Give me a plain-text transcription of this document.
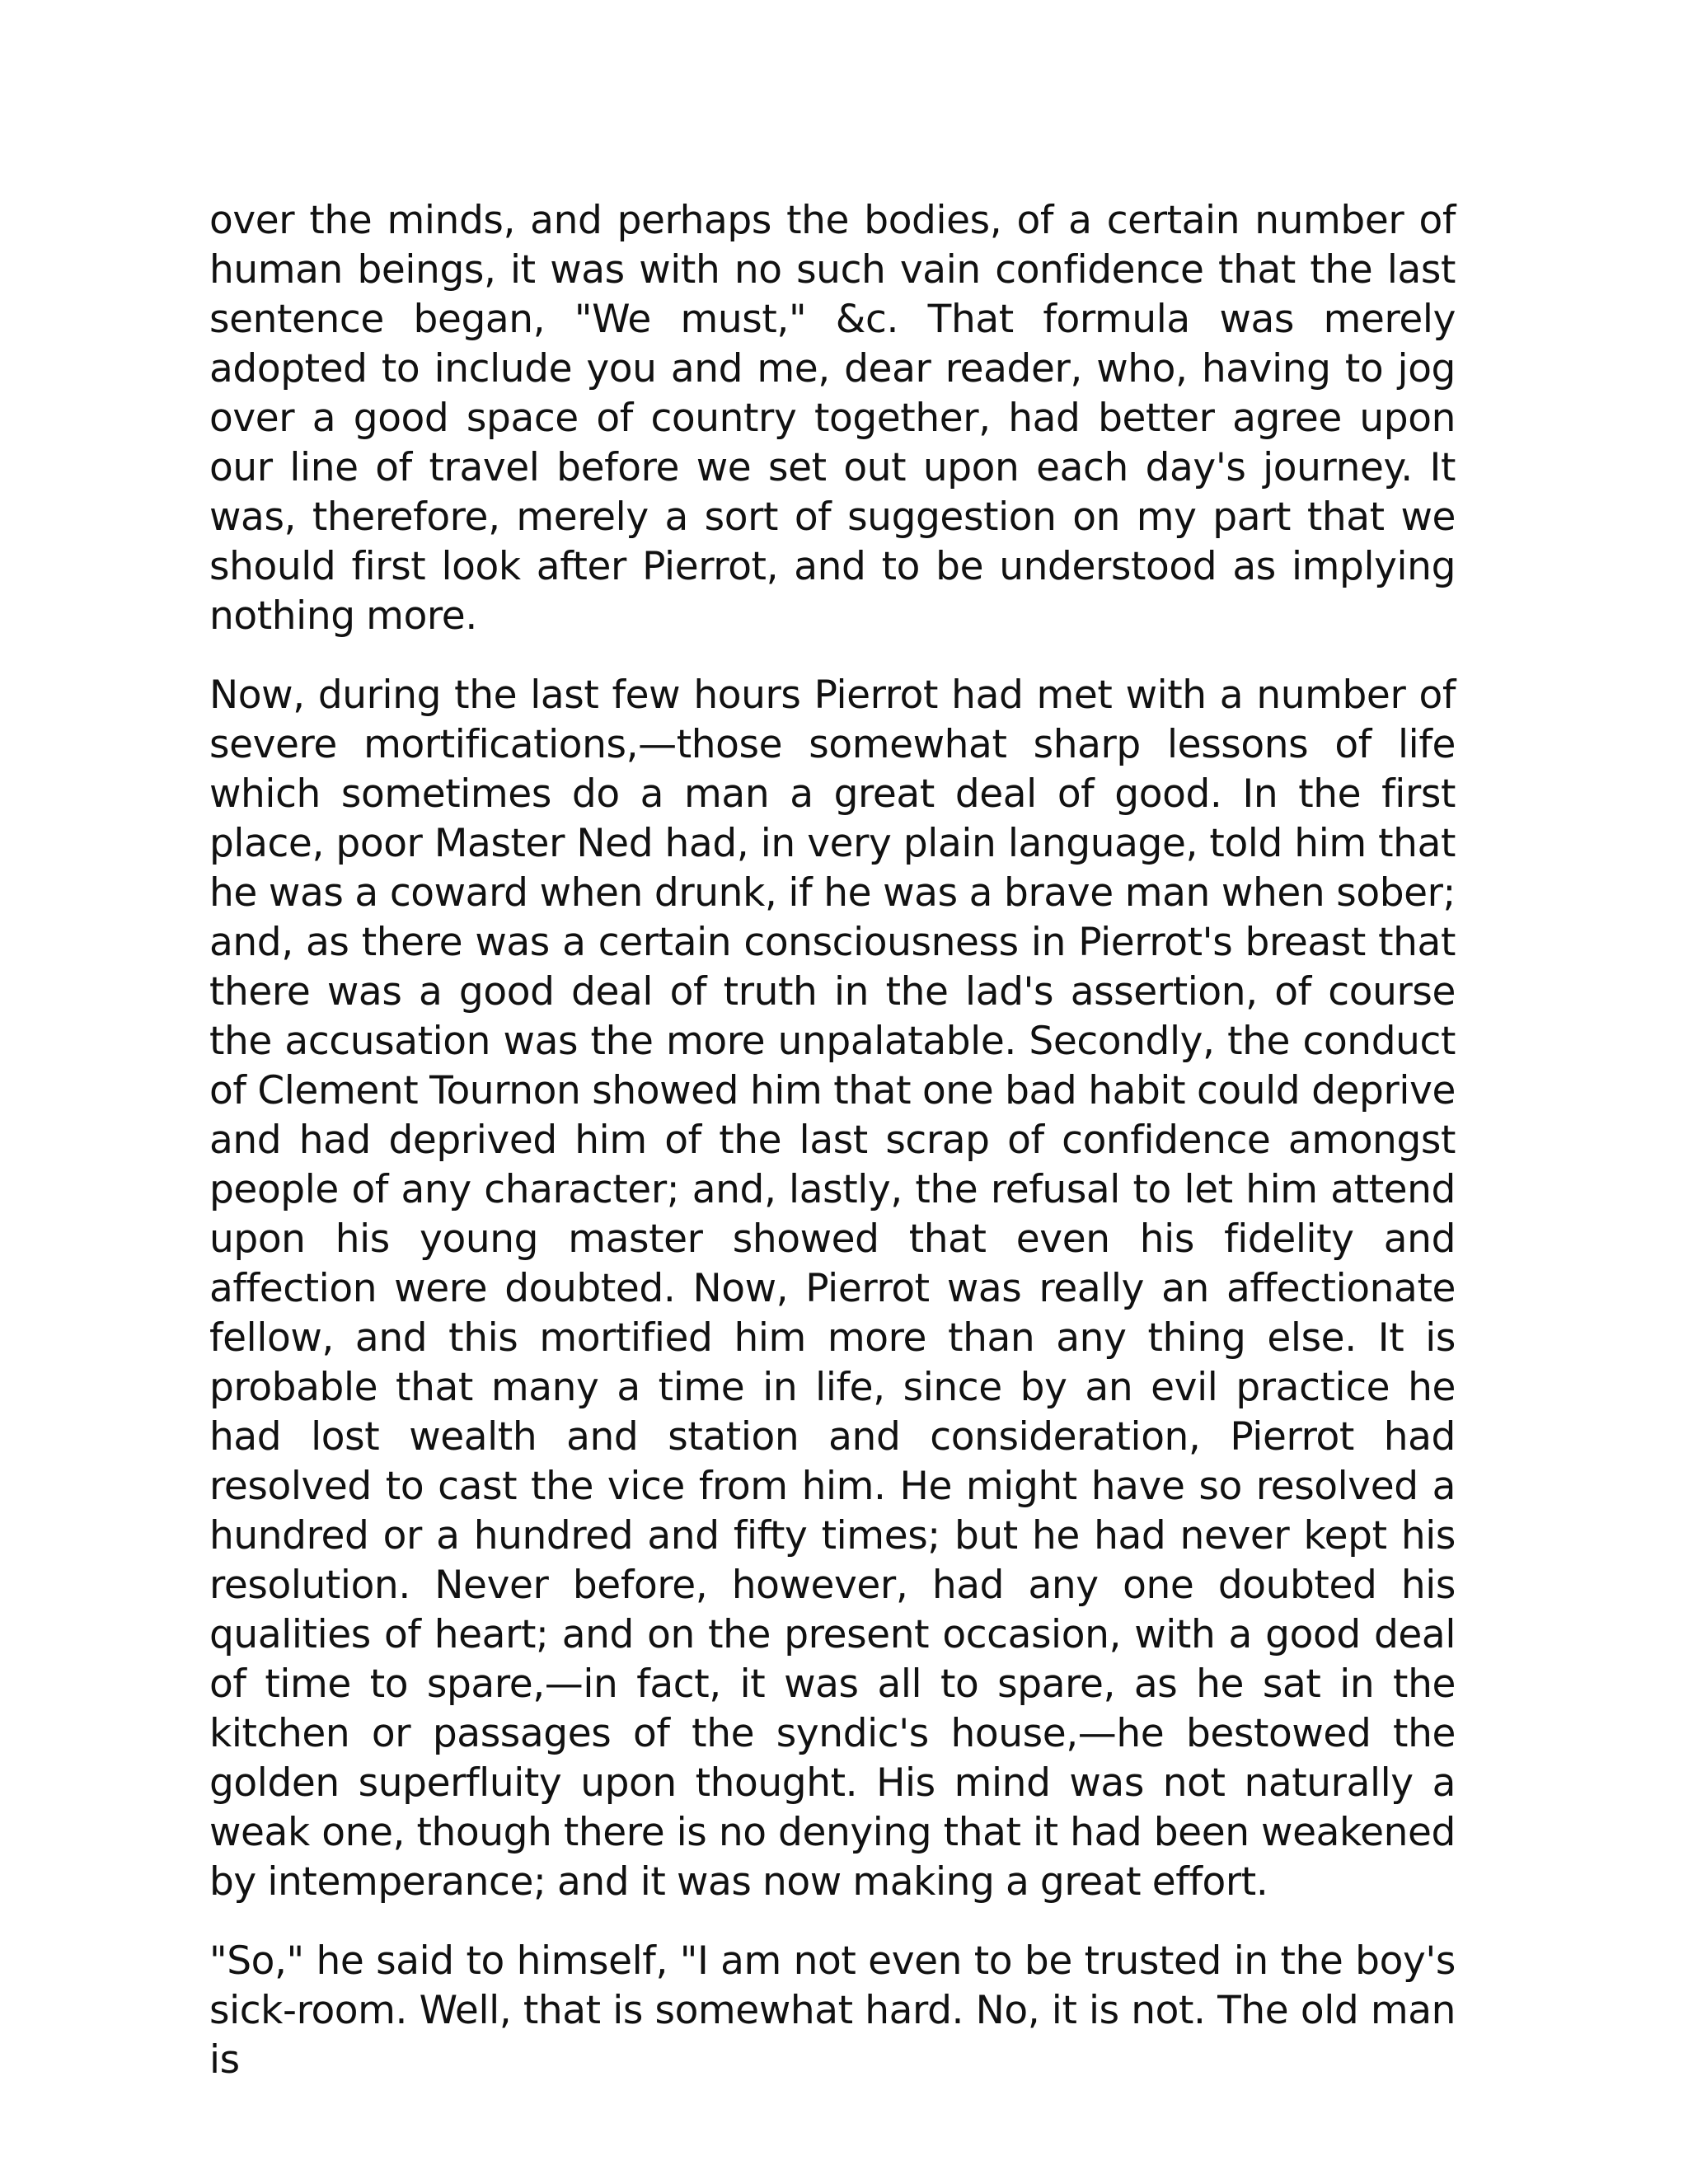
over the minds, and perhaps the bodies, of a certain number of human beings, it was with no such vain confidence that the last sentence began, "We must," &c. That formula was merely adopted to include you and me, dear reader, who, having to jog over a good space of country together, had better agree upon our line of travel before we set out upon each day's journey. It was, therefore, merely a sort of suggestion on my part that we should first look after Pierrot, and to be understood as implying nothing more.

Now, during the last few hours Pierrot had met with a number of severe mortifications,—those somewhat sharp lessons of life which sometimes do a man a great deal of good. In the first place, poor Master Ned had, in very plain language, told him that he was a coward when drunk, if he was a brave man when sober; and, as there was a certain consciousness in Pierrot's breast that there was a good deal of truth in the lad's assertion, of course the accusation was the more unpalatable. Secondly, the conduct of Clement Tournon showed him that one bad habit could deprive and had deprived him of the last scrap of confidence amongst people of any character; and, lastly, the refusal to let him attend upon his young master showed that even his fidelity and affection were doubted. Now, Pierrot was really an affectionate fellow, and this mortified him more than any thing else. It is probable that many a time in life, since by an evil practice he had lost wealth and station and consideration, Pierrot had resolved to cast the vice from him. He might have so resolved a hundred or a hundred and fifty times; but he had never kept his resolution. Never before, however, had any one doubted his qualities of heart; and on the present occasion, with a good deal of time to spare,—in fact, it was all to spare, as he sat in the kitchen or passages of the syndic's house,—he bestowed the golden superfluity upon thought. His mind was not naturally a weak one, though there is no denying that it had been weakened by intemperance; and it was now making a great effort.

"So," he said to himself, "I am not even to be trusted in the boy's sick-room. Well, that is somewhat hard. No, it is not. The old man is
